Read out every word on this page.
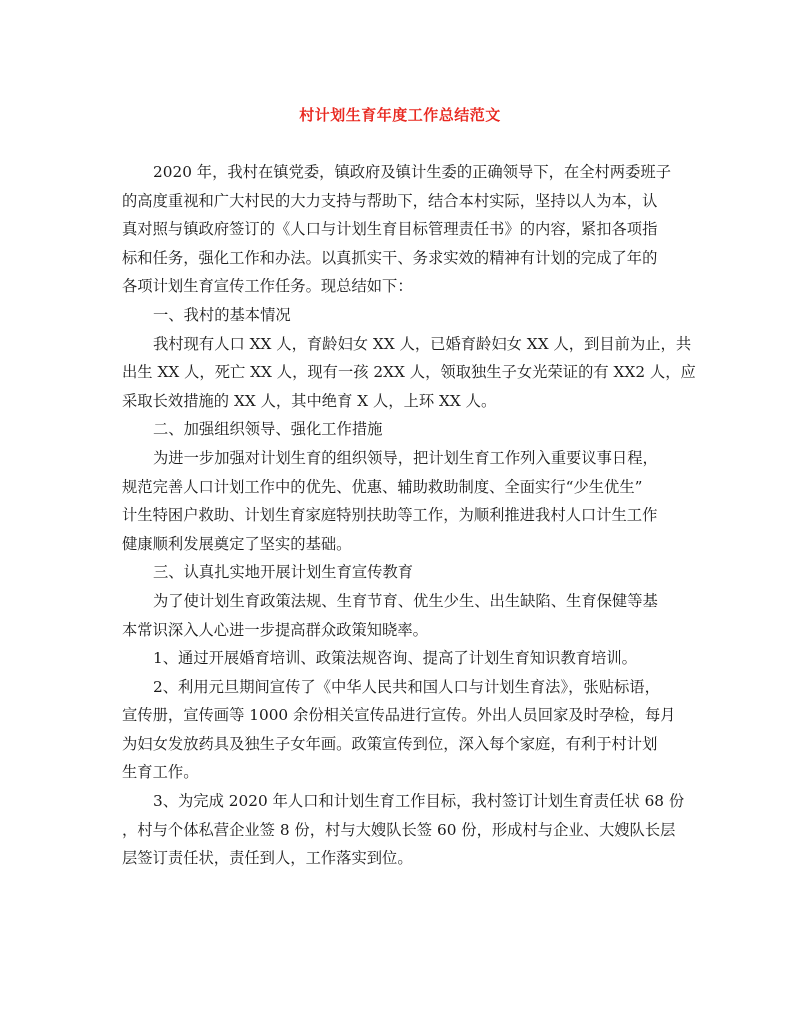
村计划生育年度工作总结范文
2020 年，我村在镇党委，镇政府及镇计生委的正确领导下，在全村两委班子
的高度重视和广大村民的大力支持与帮助下，结合本村实际，坚持以人为本，认
真对照与镇政府签订的《人口与计划生育目标管理责任书》的内容，紧扣各项指
标和任务，强化工作和办法。以真抓实干、务求实效的精神有计划的完成了年的
各项计划生育宣传工作任务。现总结如下：
一、我村的基本情况
我村现有人口 XX 人，育龄妇女 XX 人，已婚育龄妇女 XX 人，到目前为止，共
出生 XX 人，死亡 XX 人，现有一孩 2XX 人，领取独生子女光荣证的有 XX2 人，应
采取长效措施的 XX 人，其中绝育 X 人，上环 XX 人。
二、加强组织领导、强化工作措施
为进一步加强对计划生育的组织领导，把计划生育工作列入重要议事日程，
规范完善人口计划工作中的优先、优惠、辅助救助制度、全面实行“少生优生”
计生特困户救助、计划生育家庭特别扶助等工作，为顺利推进我村人口计生工作
健康顺利发展奠定了坚实的基础。
三、认真扎实地开展计划生育宣传教育
为了使计划生育政策法规、生育节育、优生少生、出生缺陷、生育保健等基
本常识深入人心进一步提高群众政策知晓率。
1、通过开展婚育培训、政策法规咨询、提高了计划生育知识教育培训。
2、利用元旦期间宣传了《中华人民共和国人口与计划生育法》，张贴标语，
宣传册，宣传画等 1000 余份相关宣传品进行宣传。外出人员回家及时孕检，每月
为妇女发放药具及独生子女年画。政策宣传到位，深入每个家庭，有利于村计划
生育工作。
3、为完成 2020 年人口和计划生育工作目标，我村签订计划生育责任状 68 份
，村与个体私营企业签 8 份，村与大嫂队长签 60 份，形成村与企业、大嫂队长层
层签订责任状，责任到人，工作落实到位。
